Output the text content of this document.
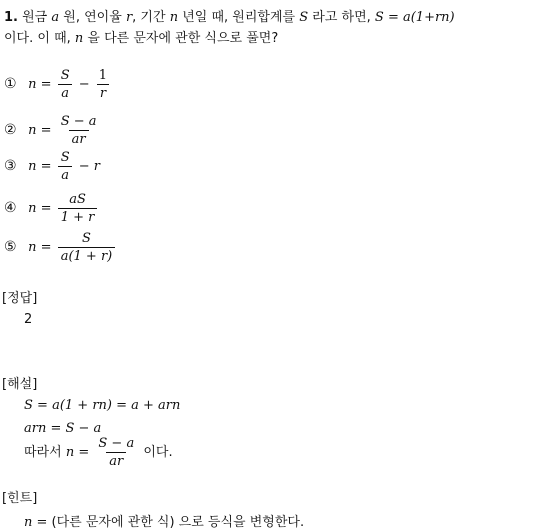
1. 원금 a 원, 연이율 r, 기간 n 년일 때, 원리합계를 S 라고 하면, S = a(1+rn)
이다. 이 때, n 을 다른 문자에 관한 식으로 풀면?
① $n = \frac{S}{a} - \frac{1}{r}$
② $n = \frac{S - a}{ar}$
③ $n = \frac{S}{a} - r$
④ $n = \frac{aS}{1 + r}$
⑤ $n = \frac{S}{a(1 + r)}$
[정답]
2
[해설]
S = a(1 + rn) = a + arn
arn = S − a
따라서 $n = \frac{S - a}{ar}$ 이다.
[힌트]
n = (다른 문자에 관한 식) 으로 등식을 변형한다.
